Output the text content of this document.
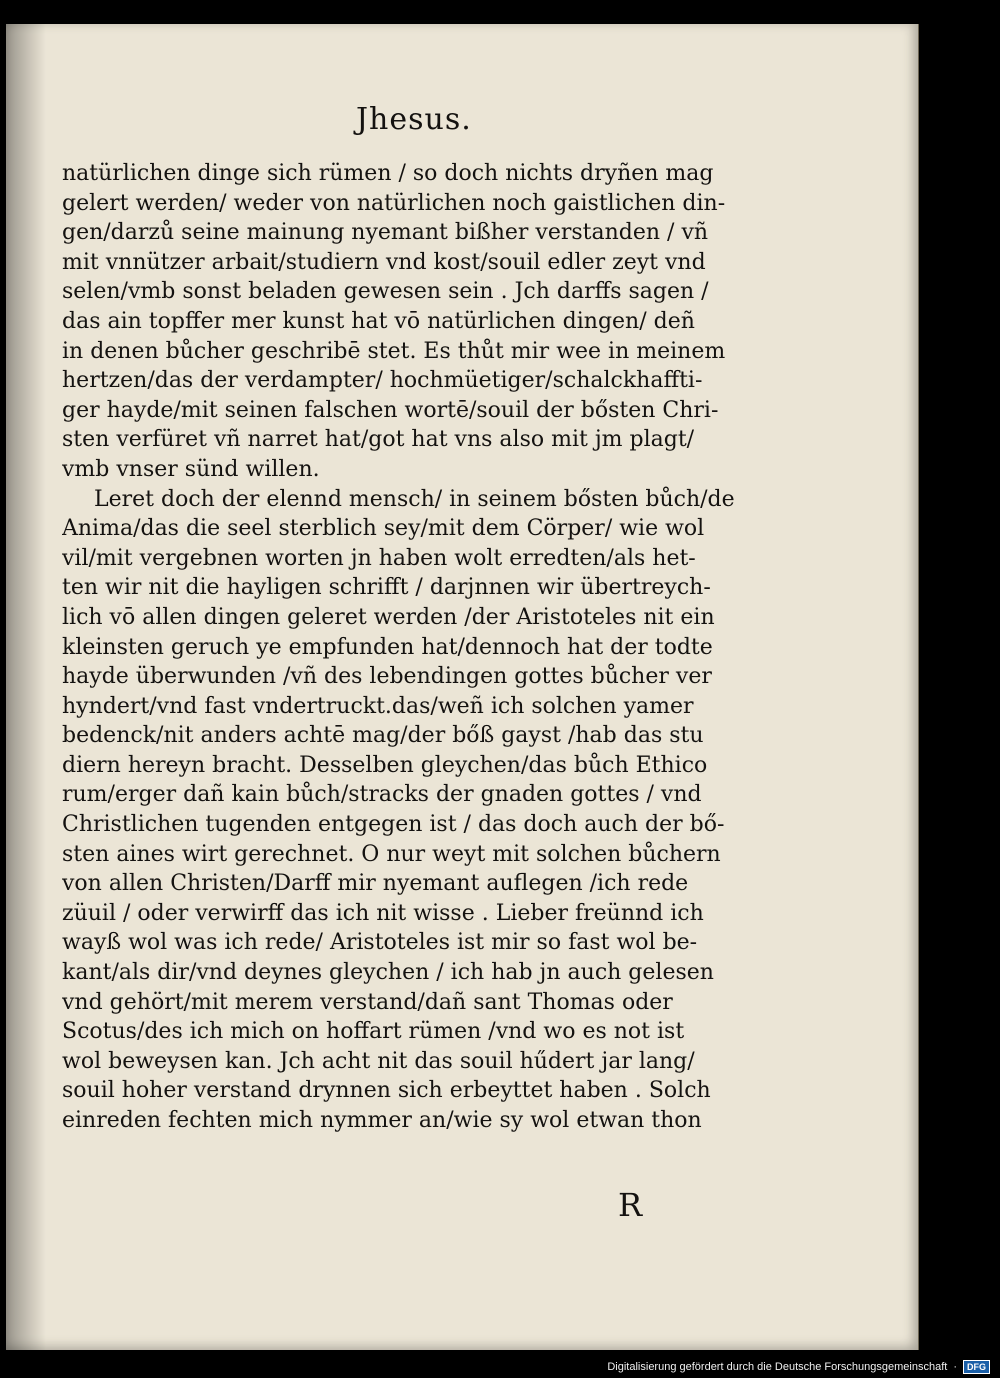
Jhesus.
natürlichen dinge sich rümen / so doch nichts dryñen mag
gelert werden/ weder von natürlichen noch gaistlichen din-
gen/darzů seine mainung nyemant bißher verstanden / vñ
mit vnnützer arbait/studiern vnd kost/souil edler zeyt vnd
selen/vmb sonst beladen gewesen sein . Jch darffs sagen /
das ain topffer mer kunst hat vō natürlichen dingen/ deñ
in denen bůcher geschribē stet. Es thůt mir wee in meinem
hertzen/das der verdampter/ hochmüetiger/schalckhaffti-
ger hayde/mit seinen falschen wortē/souil der bősten Chri-
sten verfüret vñ narret hat/got hat vns also mit jm plagt/
vmb vnser sünd willen.
Leret doch der elennd mensch/ in seinem bősten bůch/de
Anima/das die seel sterblich sey/mit dem Cörper/ wie wol
vil/mit vergebnen worten jn haben wolt erredten/als het-
ten wir nit die hayligen schrifft / darjnnen wir übertreych-
lich vō allen dingen geleret werden /der Aristoteles nit ein
kleinsten geruch ye empfunden hat/dennoch hat der todte
hayde überwunden /vñ des lebendingen gottes bůcher ver
hyndert/vnd fast vndertruckt.das/weñ ich solchen yamer
bedenck/nit anders achtē mag/der bőß gayst /hab das stu
diern hereyn bracht. Desselben gleychen/das bůch Ethico
rum/erger dañ kain bůch/stracks der gnaden gottes / vnd
Christlichen tugenden entgegen ist / das doch auch der bő-
sten aines wirt gerechnet. O nur weyt mit solchen bůchern
von allen Christen/Darff mir nyemant auflegen /ich rede
züuil / oder verwirff das ich nit wisse . Lieber freünnd ich
wayß wol was ich rede/ Aristoteles ist mir so fast wol be-
kant/als dir/vnd deynes gleychen / ich hab jn auch gelesen
vnd gehört/mit merem verstand/dañ sant Thomas oder
Scotus/des ich mich on hoffart rümen /vnd wo es not ist
wol beweysen kan. Jch acht nit das souil hűdert jar lang/
souil hoher verstand drynnen sich erbeyttet haben . Solch
einreden fechten mich nymmer an/wie sy wol etwan thon
R
Digitalisierung gefördert durch die Deutsche Forschungsgemeinschaft ·	DFG
